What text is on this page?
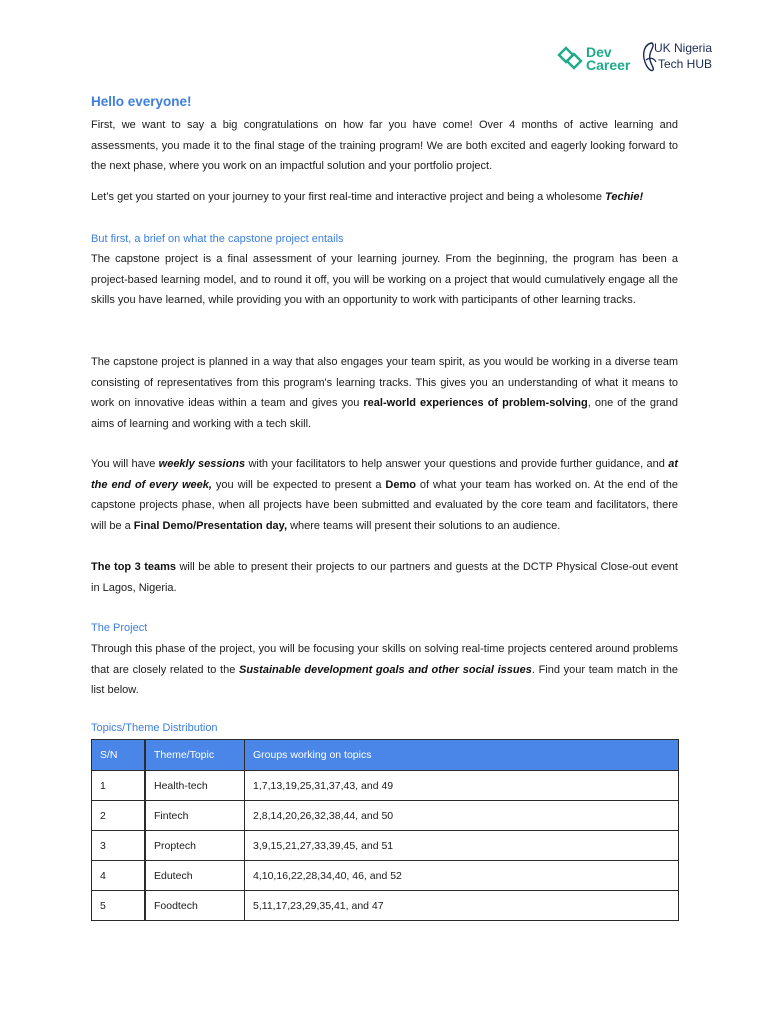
Dev
Career
UK Nigeria
Tech HUB
Hello everyone!

First, we want to say a big congratulations on how far you have come! Over 4 months of active learning and assessments, you made it to the final stage of the training program! We are both excited and eagerly looking forward to the next phase, where you work on an impactful solution and your portfolio project.

Let’s get you started on your journey to your first real-time and interactive project and being a wholesome Techie!

But first, a brief on what the capstone project entails

The capstone project is a final assessment of your learning journey. From the beginning, the program has been a project-based learning model, and to round it off, you will be working on a project that would cumulatively engage all the skills you have learned, while providing you with an opportunity to work with participants of other learning tracks.

The capstone project is planned in a way that also engages your team spirit, as you would be working in a diverse team consisting of representatives from this program's learning tracks. This gives you an understanding of what it means to work on innovative ideas within a team and gives you real-world experiences of problem-solving, one of the grand aims of learning and working with a tech skill.

You will have weekly sessions with your facilitators to help answer your questions and provide further guidance, and at the end of every week, you will be expected to present a Demo of what your team has worked on. At the end of the capstone projects phase, when all projects have been submitted and evaluated by the core team and facilitators, there will be a Final Demo/Presentation day, where teams will present their solutions to an audience.

The top 3 teams will be able to present their projects to our partners and guests at the DCTP Physical Close-out event in Lagos, Nigeria.

The Project

Through this phase of the project, you will be focusing your skills on solving real-time projects centered around problems that are closely related to the Sustainable development goals and other social issues. Find your team match in the list below.

Topics/Theme Distribution
S/N	Theme/Topic	Groups working on topics
1	Health-tech	1,7,13,19,25,31,37,43, and 49
2	Fintech	2,8,14,20,26,32,38,44, and 50
3	Proptech	3,9,15,21,27,33,39,45, and 51
4	Edutech	4,10,16,22,28,34,40, 46, and 52
5	Foodtech	5,11,17,23,29,35,41, and 47
